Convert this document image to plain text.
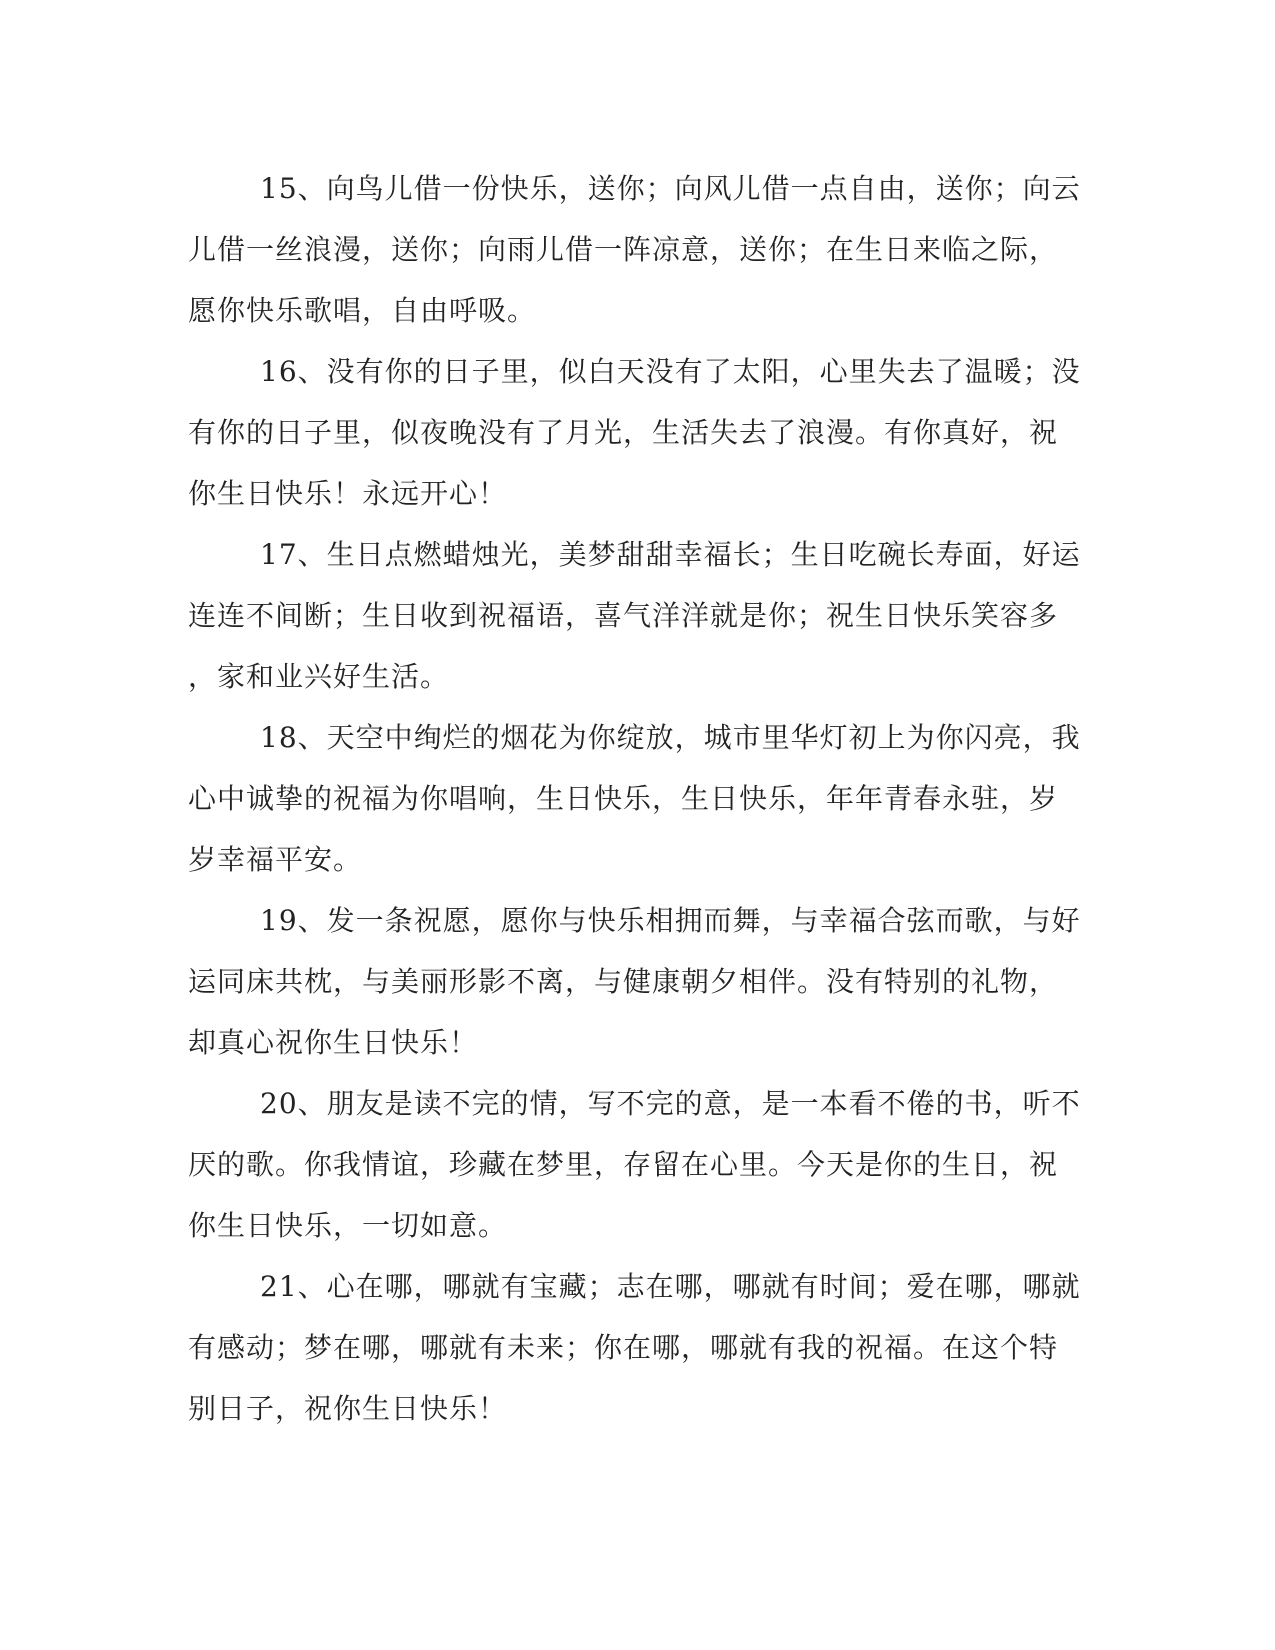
15、向鸟儿借一份快乐，送你；向风儿借一点自由，送你；向云
儿借一丝浪漫，送你；向雨儿借一阵凉意，送你；在生日来临之际，
愿你快乐歌唱，自由呼吸。
16、没有你的日子里，似白天没有了太阳，心里失去了温暖；没
有你的日子里，似夜晚没有了月光，生活失去了浪漫。有你真好，祝
你生日快乐！永远开心！
17、生日点燃蜡烛光，美梦甜甜幸福长；生日吃碗长寿面，好运
连连不间断；生日收到祝福语，喜气洋洋就是你；祝生日快乐笑容多
，家和业兴好生活。
18、天空中绚烂的烟花为你绽放，城市里华灯初上为你闪亮，我
心中诚挚的祝福为你唱响，生日快乐，生日快乐，年年青春永驻，岁
岁幸福平安。
19、发一条祝愿，愿你与快乐相拥而舞，与幸福合弦而歌，与好
运同床共枕，与美丽形影不离，与健康朝夕相伴。没有特别的礼物，
却真心祝你生日快乐！
20、朋友是读不完的情，写不完的意，是一本看不倦的书，听不
厌的歌。你我情谊，珍藏在梦里，存留在心里。今天是你的生日，祝
你生日快乐，一切如意。
21、心在哪，哪就有宝藏；志在哪，哪就有时间；爱在哪，哪就
有感动；梦在哪，哪就有未来；你在哪，哪就有我的祝福。在这个特
别日子，祝你生日快乐！
